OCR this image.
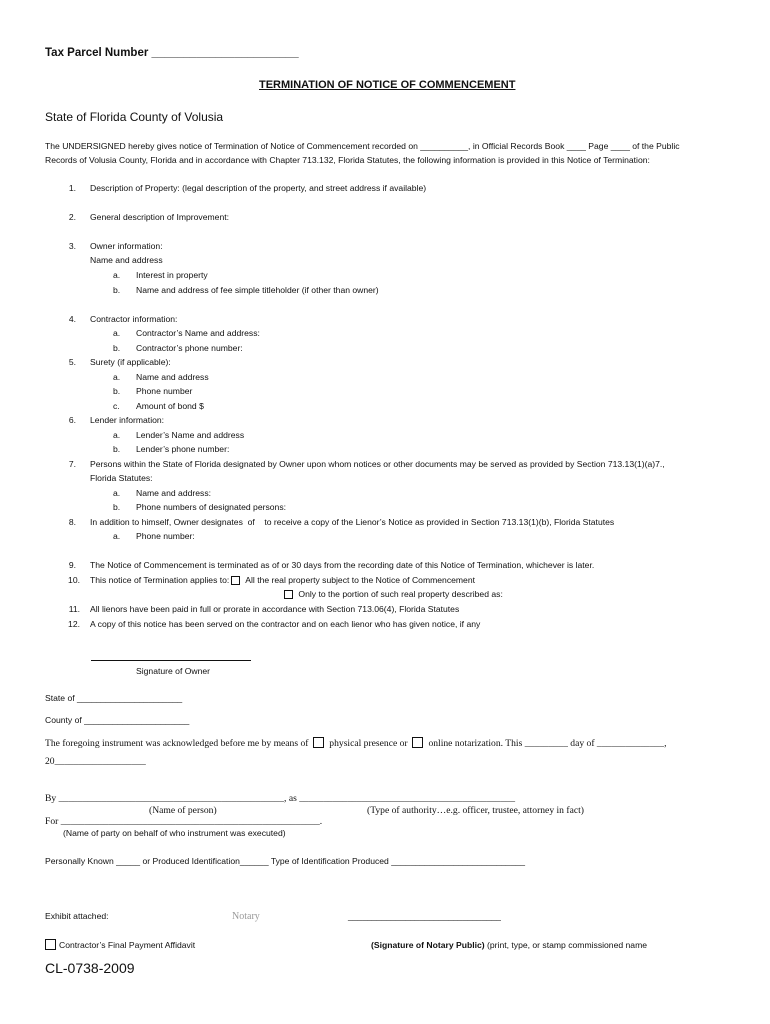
Tax Parcel Number _______________________
TERMINATION OF NOTICE OF COMMENCEMENT
State of Florida County of Volusia
The UNDERSIGNED hereby gives notice of Termination of Notice of Commencement recorded on __________, in Official Records Book ____ Page ____ of the Public
Records of Volusia County, Florida and in accordance with Chapter 713.132, Florida Statutes, the following information is provided in this Notice of Termination:
1. Description of Property: (legal description of the property, and street address if available)
2. General description of Improvement:
3. Owner information:
Name and address
a. Interest in property
b. Name and address of fee simple titleholder (if other than owner)
4. Contractor information:
a. Contractor’s Name and address:
b. Contractor’s phone number:
5. Surety (if applicable):
a. Name and address
b. Phone number
c. Amount of bond $
6. Lender information:
a. Lender’s Name and address
b. Lender’s phone number:
7. Persons within the State of Florida designated by Owner upon whom notices or other documents may be served as provided by Section 713.13(1)(a)7.,
Florida Statutes:
a. Name and address:
b. Phone numbers of designated persons:
8. In addition to himself, Owner designates  of    to receive a copy of the Lienor’s Notice as provided in Section 713.13(1)(b), Florida Statutes
a. Phone number:
9. The Notice of Commencement is terminated as of or 30 days from the recording date of this Notice of Termination, whichever is later.
10. This notice of Termination applies to: All the real property subject to the Notice of Commencement
Only to the portion of such real property described as:
11. All lienors have been paid in full or prorate in accordance with Section 713.06(4), Florida Statutes
12. A copy of this notice has been served on the contractor and on each lienor who has given notice, if any
Signature of Owner
State of ______________________
County of ______________________
The foregoing instrument was acknowledged before me by means of physical presence or online notarization. This _________ day of ______________,
20___________________
By _______________________________________________, as _____________________________________________
(Name of person)	(Type of authority…e.g. officer, trustee, attorney in fact)
For ______________________________________________________.
(Name of party on behalf of who instrument was executed)
Personally Known _____ or Produced Identification______ Type of Identification Produced ____________________________
Exhibit attached:	Notary	________________________________
Contractor’s Final Payment Affidavit	(Signature of Notary Public) (print, type, or stamp commissioned name
CL-0738-2009
